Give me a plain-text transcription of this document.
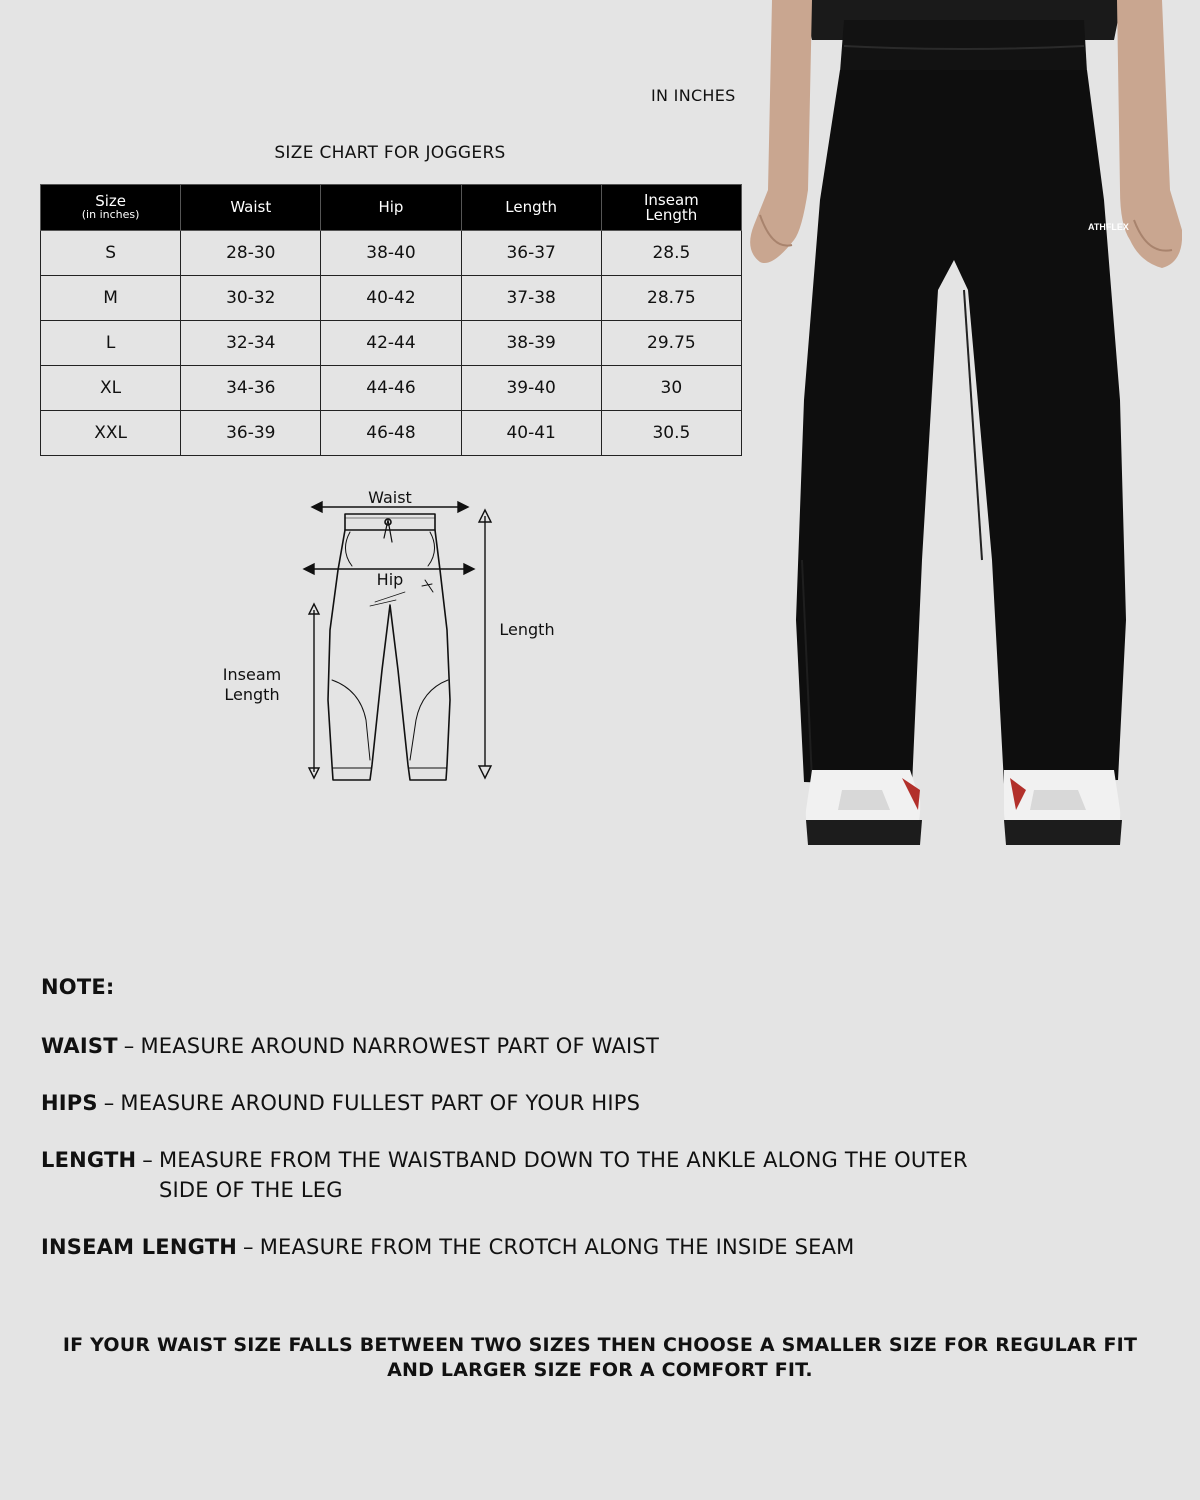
IN INCHES
SIZE CHART FOR JOGGERS
Size
(in inches)	Waist	Hip	Length	Inseam Length
S	28-30	38-40	36-37	28.5
M	30-32	40-42	37-38	28.75
L	32-34	42-44	38-39	29.75
XL	34-36	44-46	39-40	30
XXL	36-39	46-48	40-41	30.5
Waist
Hip
Length
Inseam
Length
ATHFLEX
NOTE:
WAIST – MEASURE AROUND NARROWEST PART OF WAIST
HIPS – MEASURE AROUND FULLEST PART OF YOUR HIPS
LENGTH – MEASURE FROM THE WAISTBAND DOWN TO THE ANKLE ALONG THE OUTER SIDE OF THE LEG
INSEAM LENGTH – MEASURE FROM THE CROTCH ALONG THE INSIDE SEAM
IF YOUR WAIST SIZE FALLS BETWEEN TWO SIZES THEN CHOOSE A SMALLER SIZE FOR REGULAR FIT AND LARGER SIZE FOR A COMFORT FIT.
